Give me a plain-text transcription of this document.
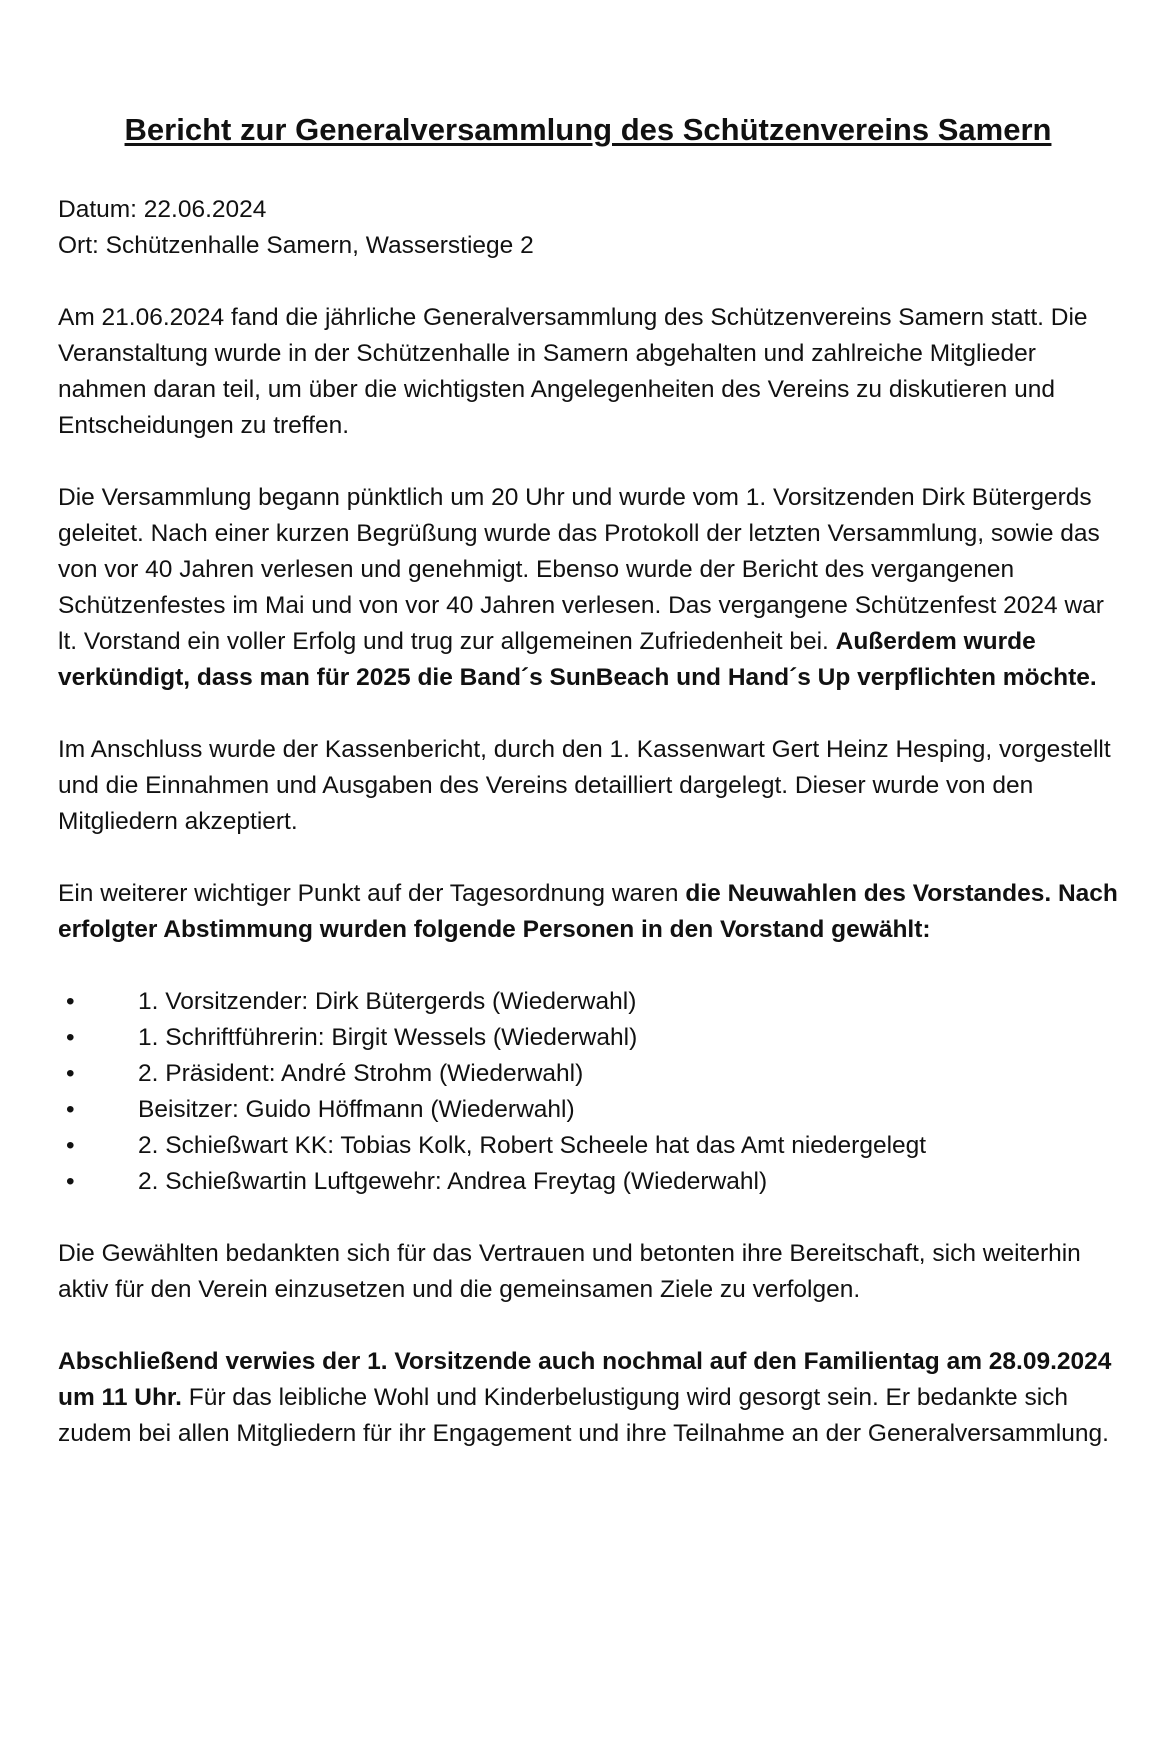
Bericht zur Generalversammlung des Schützenvereins Samern
Datum: 22.06.2024
Ort: Schützenhalle Samern, Wasserstiege 2

Am 21.06.2024 fand die jährliche Generalversammlung des Schützenvereins Samern statt. Die Veranstaltung wurde in der Schützenhalle in Samern abgehalten und zahlreiche Mitglieder nahmen daran teil, um über die wichtigsten Angelegenheiten des Vereins zu diskutieren und Entscheidungen zu treffen.

Die Versammlung begann pünktlich um 20 Uhr und wurde vom 1. Vorsitzenden Dirk Bütergerds geleitet. Nach einer kurzen Begrüßung wurde das Protokoll der letzten Versammlung, sowie das von vor 40 Jahren verlesen und genehmigt. Ebenso wurde der Bericht des vergangenen Schützenfestes im Mai und von vor 40 Jahren verlesen. Das vergangene Schützenfest 2024 war lt. Vorstand ein voller Erfolg und trug zur allgemeinen Zufriedenheit bei. Außerdem wurde verkündigt, dass man für 2025 die Band´s SunBeach und Hand´s Up verpflichten möchte.

Im Anschluss wurde der Kassenbericht, durch den 1. Kassenwart Gert Heinz Hesping, vorgestellt und die Einnahmen und Ausgaben des Vereins detailliert dargelegt. Dieser wurde von den Mitgliedern akzeptiert.

Ein weiterer wichtiger Punkt auf der Tagesordnung waren die Neuwahlen des Vorstandes. Nach erfolgter Abstimmung wurden folgende Personen in den Vorstand gewählt:

•	1. Vorsitzender: Dirk Bütergerds (Wiederwahl)
•	1. Schriftführerin: Birgit Wessels (Wiederwahl)
•	2. Präsident: André Strohm (Wiederwahl)
•	Beisitzer: Guido Höffmann (Wiederwahl)
•	2. Schießwart KK: Tobias Kolk, Robert Scheele hat das Amt niedergelegt
•	2. Schießwartin Luftgewehr: Andrea Freytag (Wiederwahl)

Die Gewählten bedankten sich für das Vertrauen und betonten ihre Bereitschaft, sich weiterhin aktiv für den Verein einzusetzen und die gemeinsamen Ziele zu verfolgen.

Abschließend verwies der 1. Vorsitzende auch nochmal auf den Familientag am 28.09.2024 um 11 Uhr. Für das leibliche Wohl und Kinderbelustigung wird gesorgt sein. Er bedankte sich zudem bei allen Mitgliedern für ihr Engagement und ihre Teilnahme an der Generalversammlung.
